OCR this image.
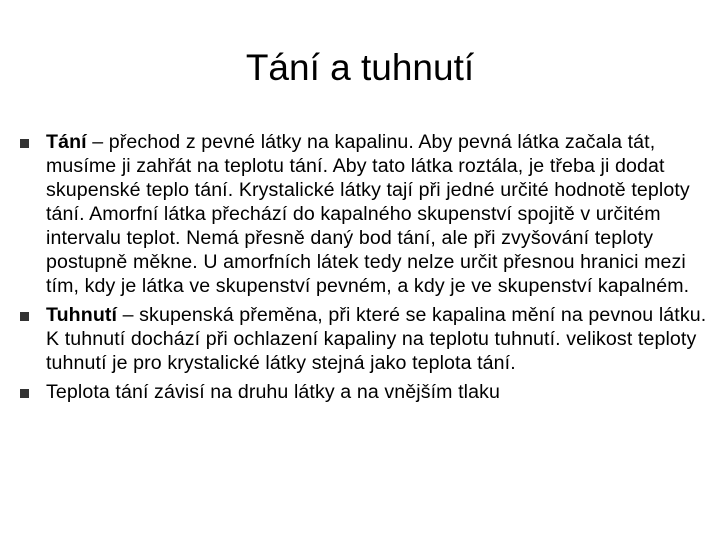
Tání a tuhnutí
Tání – přechod z pevné látky na kapalinu. Aby pevná látka začala tát, musíme ji zahřát na teplotu tání. Aby tato látka roztála, je třeba ji dodat skupenské teplo tání. Krystalické látky tají při jedné určité hodnotě teploty tání. Amorfní látka přechází do kapalného skupenství spojitě v určitém intervalu teplot. Nemá přesně daný bod tání, ale při zvyšování teploty postupně měkne. U amorfních látek tedy nelze určit přesnou hranici mezi tím, kdy je látka ve skupenství pevném, a kdy je ve skupenství kapalném.
Tuhnutí – skupenská přeměna, při které se kapalina mění na pevnou látku. K tuhnutí dochází při ochlazení kapaliny na teplotu tuhnutí. velikost teploty tuhnutí je pro krystalické látky stejná jako teplota tání.
Teplota tání závisí na druhu látky a na vnějším tlaku
